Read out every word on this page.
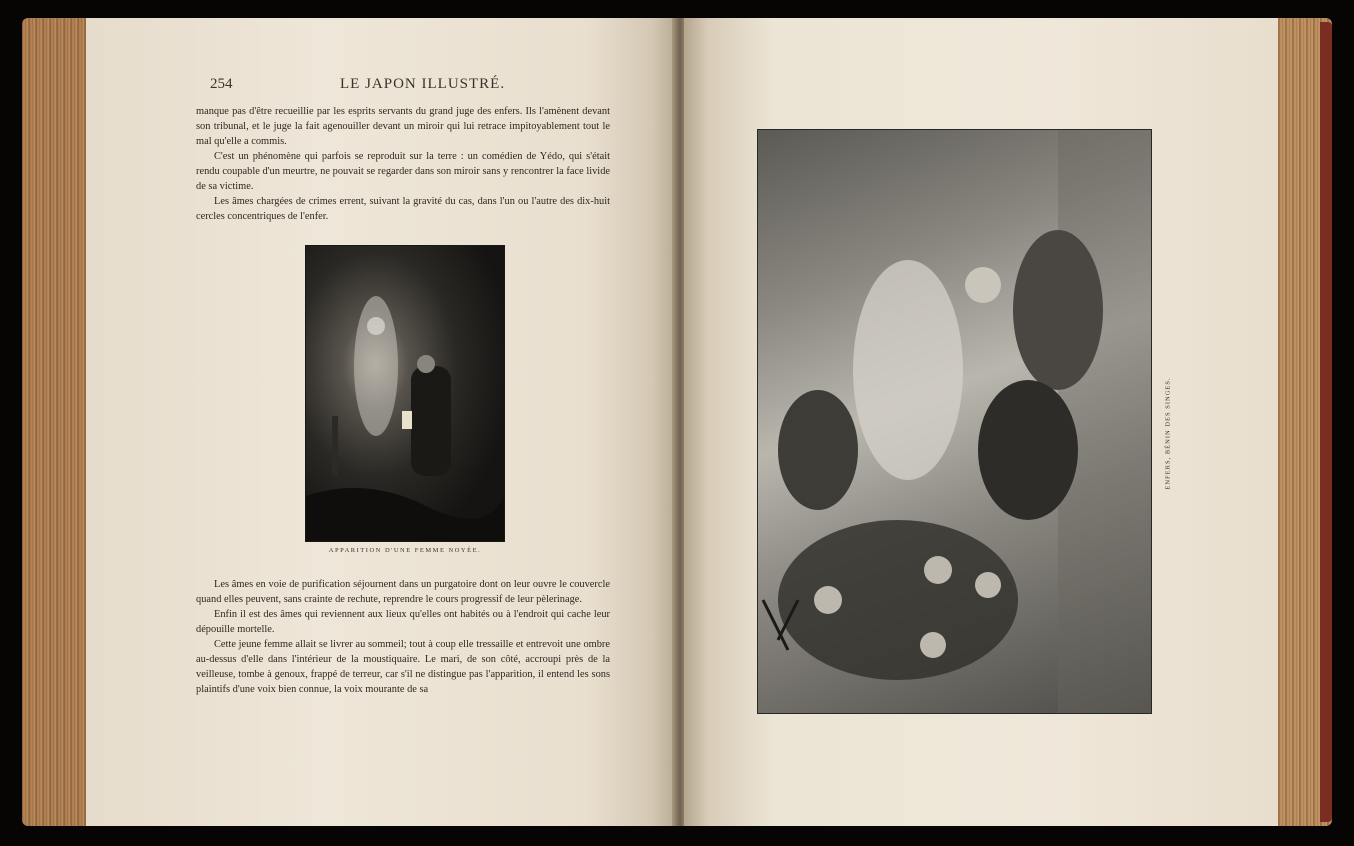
254	LE JAPON ILLUSTRÉ.

manque pas d'être recueillie par les esprits servants du grand juge des enfers. Ils l'amènent devant son tribunal, et le juge la fait agenouiller devant un miroir qui lui retrace impitoyablement tout le mal qu'elle a commis.

C'est un phénomène qui parfois se reproduit sur la terre : un comédien de Yédo, qui s'était rendu coupable d'un meurtre, ne pouvait se regarder dans son miroir sans y rencontrer la face livide de sa victime.

Les âmes chargées de crimes errent, suivant la gravité du cas, dans l'un ou l'autre des dix-huit cercles concentriques de l'enfer.

APPARITION D'UNE FEMME NOYÉE.

Les âmes en voie de purification séjournent dans un purgatoire dont on leur ouvre le couvercle quand elles peuvent, sans crainte de rechute, reprendre le cours progressif de leur pèlerinage.

Enfin il est des âmes qui reviennent aux lieux qu'elles ont habités ou à l'endroit qui cache leur dépouille mortelle.

Cette jeune femme allait se livrer au sommeil; tout à coup elle tressaille et entrevoit une ombre au-dessus d'elle dans l'intérieur de la moustiquaire. Le mari, de son côté, accroupi près de la veilleuse, tombe à genoux, frappé de terreur, car s'il ne distingue pas l'apparition, il entend les sons plaintifs d'une voix bien connue, la voix mourante de sa

ENFERS, BÉNIN DES SINGES.
